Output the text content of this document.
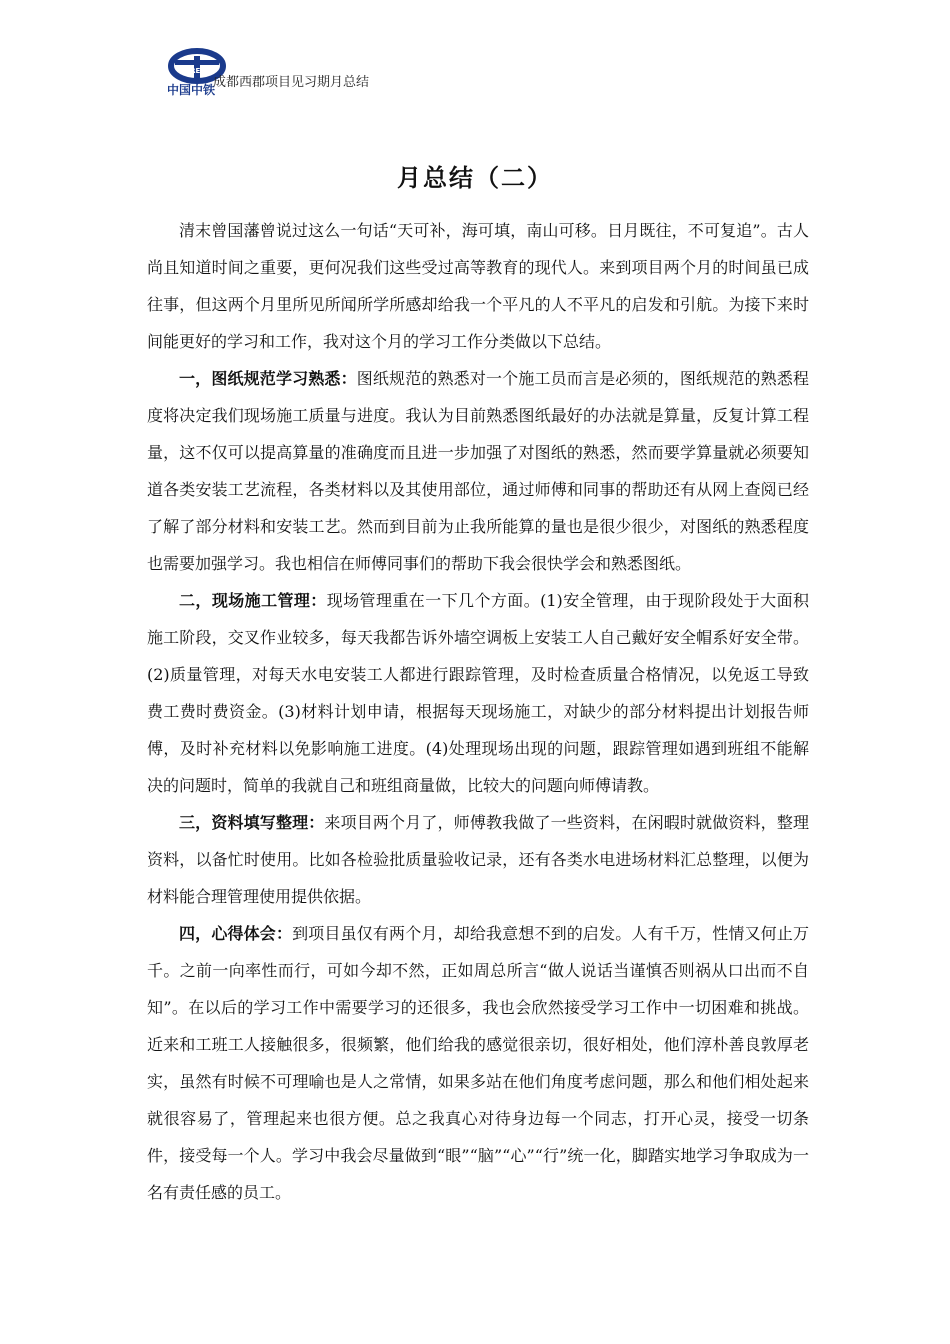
CREC
中国中铁
成都西郡项目见习期月总结
月总结（二）

清末曾国藩曾说过这么一句话“天可补，海可填，南山可移。日月既往，不可复追”。古人尚且知道时间之重要，更何况我们这些受过高等教育的现代人。来到项目两个月的时间虽已成往事，但这两个月里所见所闻所学所感却给我一个平凡的人不平凡的启发和引航。为接下来时间能更好的学习和工作，我对这个月的学习工作分类做以下总结。

一，图纸规范学习熟悉：图纸规范的熟悉对一个施工员而言是必须的，图纸规范的熟悉程度将决定我们现场施工质量与进度。我认为目前熟悉图纸最好的办法就是算量，反复计算工程量，这不仅可以提高算量的准确度而且进一步加强了对图纸的熟悉，然而要学算量就必须要知道各类安装工艺流程，各类材料以及其使用部位，通过师傅和同事的帮助还有从网上查阅已经了解了部分材料和安装工艺。然而到目前为止我所能算的量也是很少很少，对图纸的熟悉程度也需要加强学习。我也相信在师傅同事们的帮助下我会很快学会和熟悉图纸。

二，现场施工管理：现场管理重在一下几个方面。(1)安全管理，由于现阶段处于大面积施工阶段，交叉作业较多，每天我都告诉外墙空调板上安装工人自己戴好安全帽系好安全带。(2)质量管理，对每天水电安装工人都进行跟踪管理，及时检查质量合格情况，以免返工导致费工费时费资金。(3)材料计划申请，根据每天现场施工，对缺少的部分材料提出计划报告师傅，及时补充材料以免影响施工进度。(4)处理现场出现的问题，跟踪管理如遇到班组不能解决的问题时，简单的我就自己和班组商量做，比较大的问题向师傅请教。

三，资料填写整理：来项目两个月了，师傅教我做了一些资料，在闲暇时就做资料，整理资料，以备忙时使用。比如各检验批质量验收记录，还有各类水电进场材料汇总整理，以便为材料能合理管理使用提供依据。

四，心得体会：到项目虽仅有两个月，却给我意想不到的启发。人有千万，性情又何止万千。之前一向率性而行，可如今却不然，正如周总所言“做人说话当谨慎否则祸从口出而不自知”。在以后的学习工作中需要学习的还很多，我也会欣然接受学习工作中一切困难和挑战。近来和工班工人接触很多，很频繁，他们给我的感觉很亲切，很好相处，他们淳朴善良敦厚老实，虽然有时候不可理喻也是人之常情，如果多站在他们角度考虑问题，那么和他们相处起来就很容易了，管理起来也很方便。总之我真心对待身边每一个同志，打开心灵，接受一切条件，接受每一个人。学习中我会尽量做到“眼”“脑”“心”“行”统一化，脚踏实地学习争取成为一名有责任感的员工。
